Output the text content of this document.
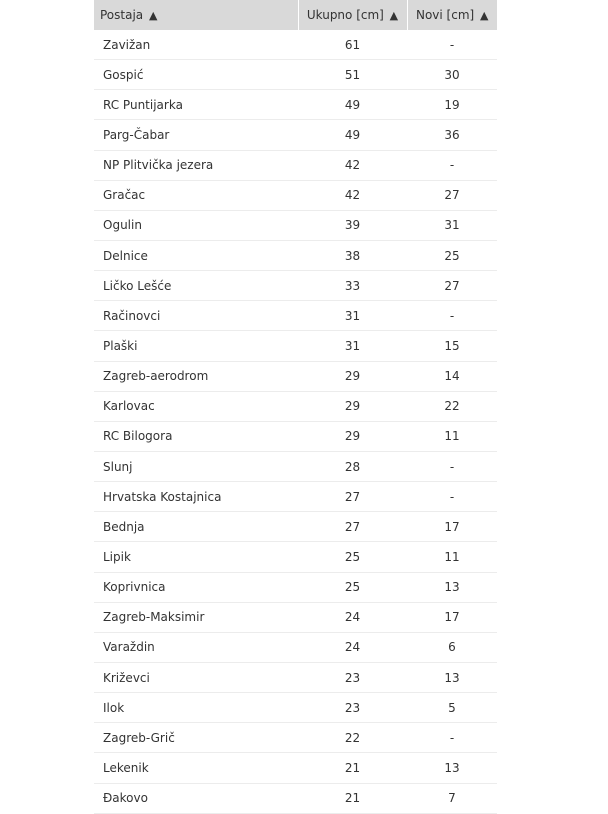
Postaja ▲	Ukupno [cm] ▲	Novi [cm] ▲
Zavižan	61	-
Gospić	51	30
RC Puntijarka	49	19
Parg-Čabar	49	36
NP Plitvička jezera	42	-
Gračac	42	27
Ogulin	39	31
Delnice	38	25
Ličko Lešće	33	27
Račinovci	31	-
Plaški	31	15
Zagreb-aerodrom	29	14
Karlovac	29	22
RC Bilogora	29	11
Slunj	28	-
Hrvatska Kostajnica	27	-
Bednja	27	17
Lipik	25	11
Koprivnica	25	13
Zagreb-Maksimir	24	17
Varaždin	24	6
Križevci	23	13
Ilok	23	5
Zagreb-Grič	22	-
Lekenik	21	13
Đakovo	21	7
